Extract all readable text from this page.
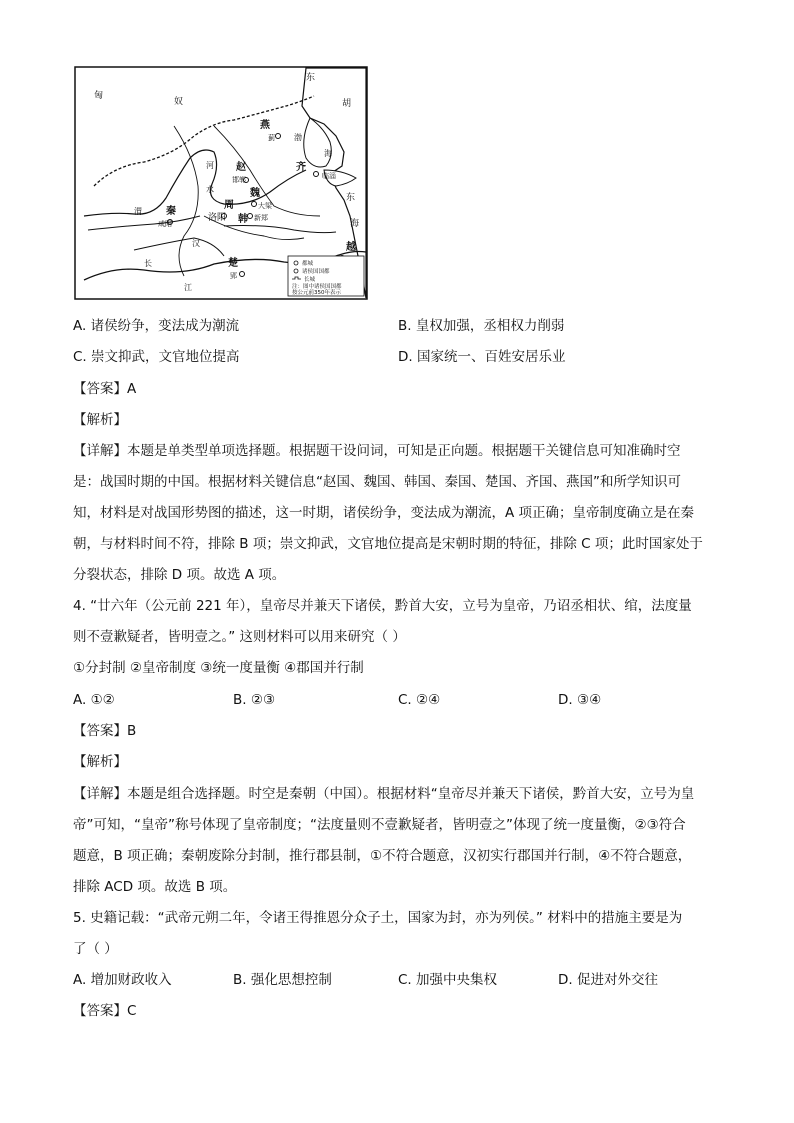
匈
奴
东
胡
燕
蓟
赵
邯郸
齐
临淄
魏
大梁
韩 新郑
周
洛阳
秦
咸阳
越
楚
郢
河
水
渭
江
渤
海
东
海
汉
长	都城
诸侯国国都
长城
注：图中诸侯国国都
按公元前350年表示
A. 诸侯纷争，变法成为潮流	B. 皇权加强，丞相权力削弱
C. 崇文抑武，文官地位提高	D. 国家统一、百姓安居乐业
【答案】A
【解析】
【详解】本题是单类型单项选择题。根据题干设问词，可知是正向题。根据题干关键信息可知准确时空
是：战国时期的中国。根据材料关键信息“赵国、魏国、韩国、秦国、楚国、齐国、燕国”和所学知识可
知，材料是对战国形势图的描述，这一时期，诸侯纷争，变法成为潮流，A 项正确；皇帝制度确立是在秦
朝，与材料时间不符，排除 B 项；崇文抑武，文官地位提高是宋朝时期的特征，排除 C 项；此时国家处于
分裂状态，排除 D 项。故选 A 项。
4. “廿六年（公元前 221 年），皇帝尽并兼天下诸侯，黔首大安，立号为皇帝，乃诏丞相状、绾，法度量
则不壹歉疑者，皆明壹之。” 这则材料可以用来研究（ ）
①分封制 ②皇帝制度 ③统一度量衡 ④郡国并行制
A. ①②	B. ②③	C. ②④	D. ③④
【答案】B
【解析】
【详解】本题是组合选择题。时空是秦朝（中国）。根据材料“皇帝尽并兼天下诸侯，黔首大安，立号为皇
帝”可知，“皇帝”称号体现了皇帝制度；“法度量则不壹歉疑者，皆明壹之”体现了统一度量衡，②③符合
题意，B 项正确；秦朝废除分封制，推行郡县制，①不符合题意，汉初实行郡国并行制，④不符合题意，
排除 ACD 项。故选 B 项。
5. 史籍记载：“武帝元朔二年，令诸王得推恩分众子土，国家为封，亦为列侯。” 材料中的措施主要是为
了（ ）
A. 增加财政收入	B. 强化思想控制	C. 加强中央集权	D. 促进对外交往
【答案】C
